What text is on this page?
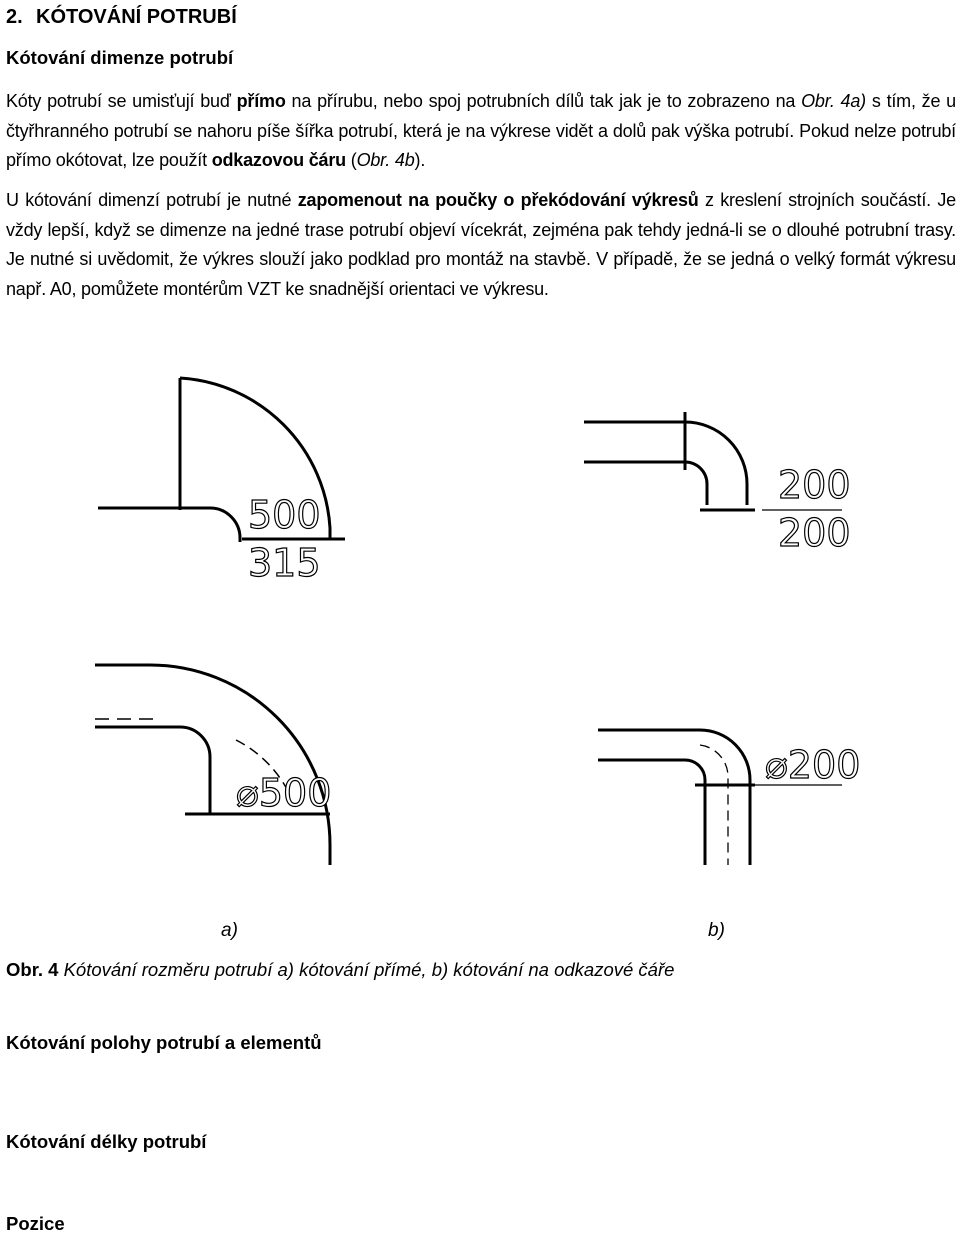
2. KÓTOVÁNÍ POTRUBÍ
Kótování dimenze potrubí

Kóty potrubí se umisťují buď přímo na přírubu, nebo spoj potrubních dílů tak jak je to zobrazeno na Obr. 4a) s tím, že u čtyřhranného potrubí se nahoru píše šířka potrubí, která je na výkrese vidět a dolů pak výška potrubí. Pokud nelze potrubí přímo okótovat, lze použít odkazovou čáru (Obr. 4b).

U kótování dimenzí potrubí je nutné zapomenout na poučky o překódování výkresů z kreslení strojních součástí. Je vždy lepší, když se dimenze na jedné trase potrubí objeví vícekrát, zejména pak tehdy jedná-li se o dlouhé potrubní trasy. Je nutné si uvědomit, že výkres slouží jako podklad pro montáž na stavbě. V případě, že se jedná o velký formát výkresu např. A0, pomůžete montérům VZT ke snadnější orientaci ve výkresu.

500
315
200
200
⌀500
⌀200
a)	b)
Obr. 4 Kótování rozměru potrubí a) kótování přímé, b) kótování na odkazové čáře
Kótování polohy potrubí a elementů
Kótování délky potrubí
Pozice
